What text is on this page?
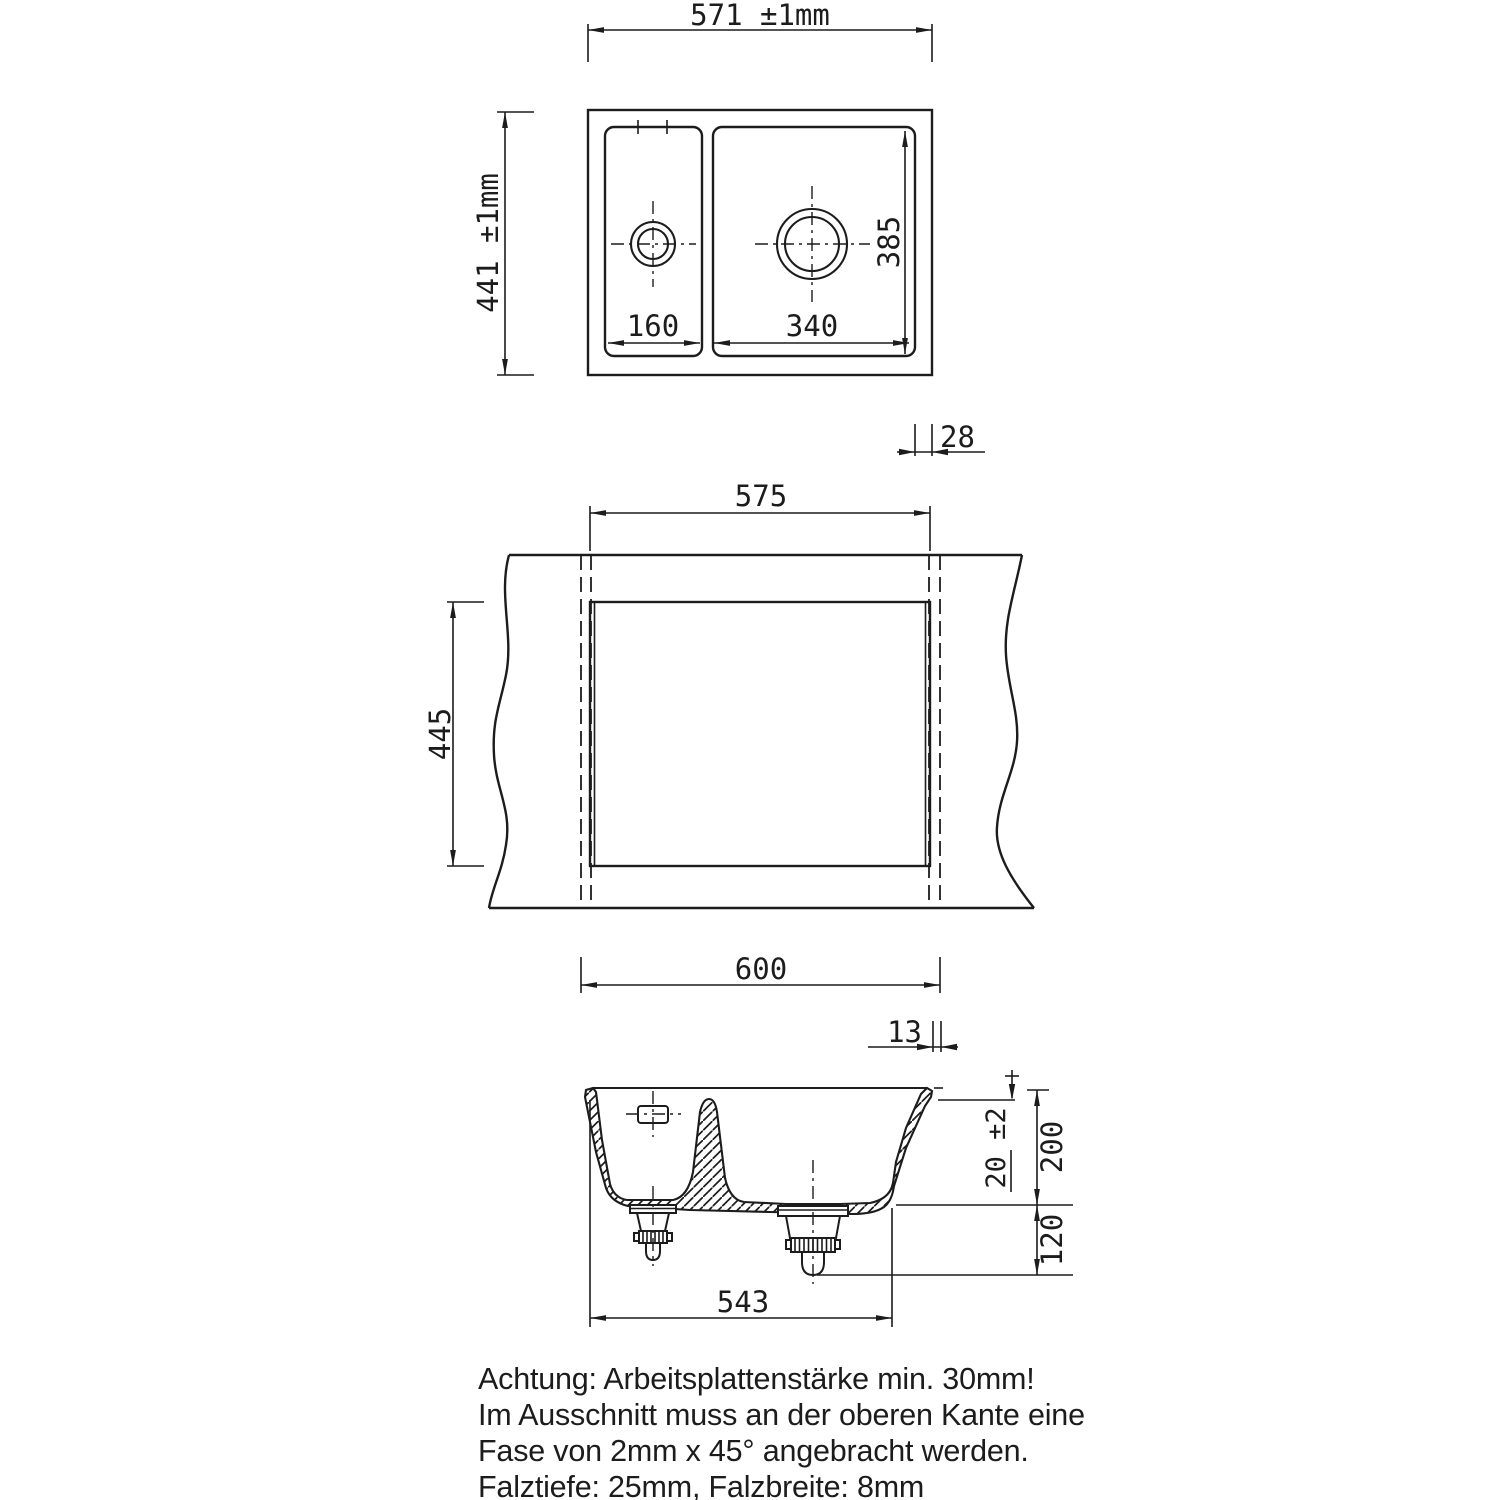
571 ±1mm
441 ±1mm
160	340
385
28
575
445
600
13
20 ±2 200
120
543
Achtung: Arbeitsplattenstärke min. 30mm!
Im Ausschnitt muss an der oberen Kante eine
Fase von 2mm x 45° angebracht werden.
Falztiefe: 25mm, Falzbreite: 8mm
